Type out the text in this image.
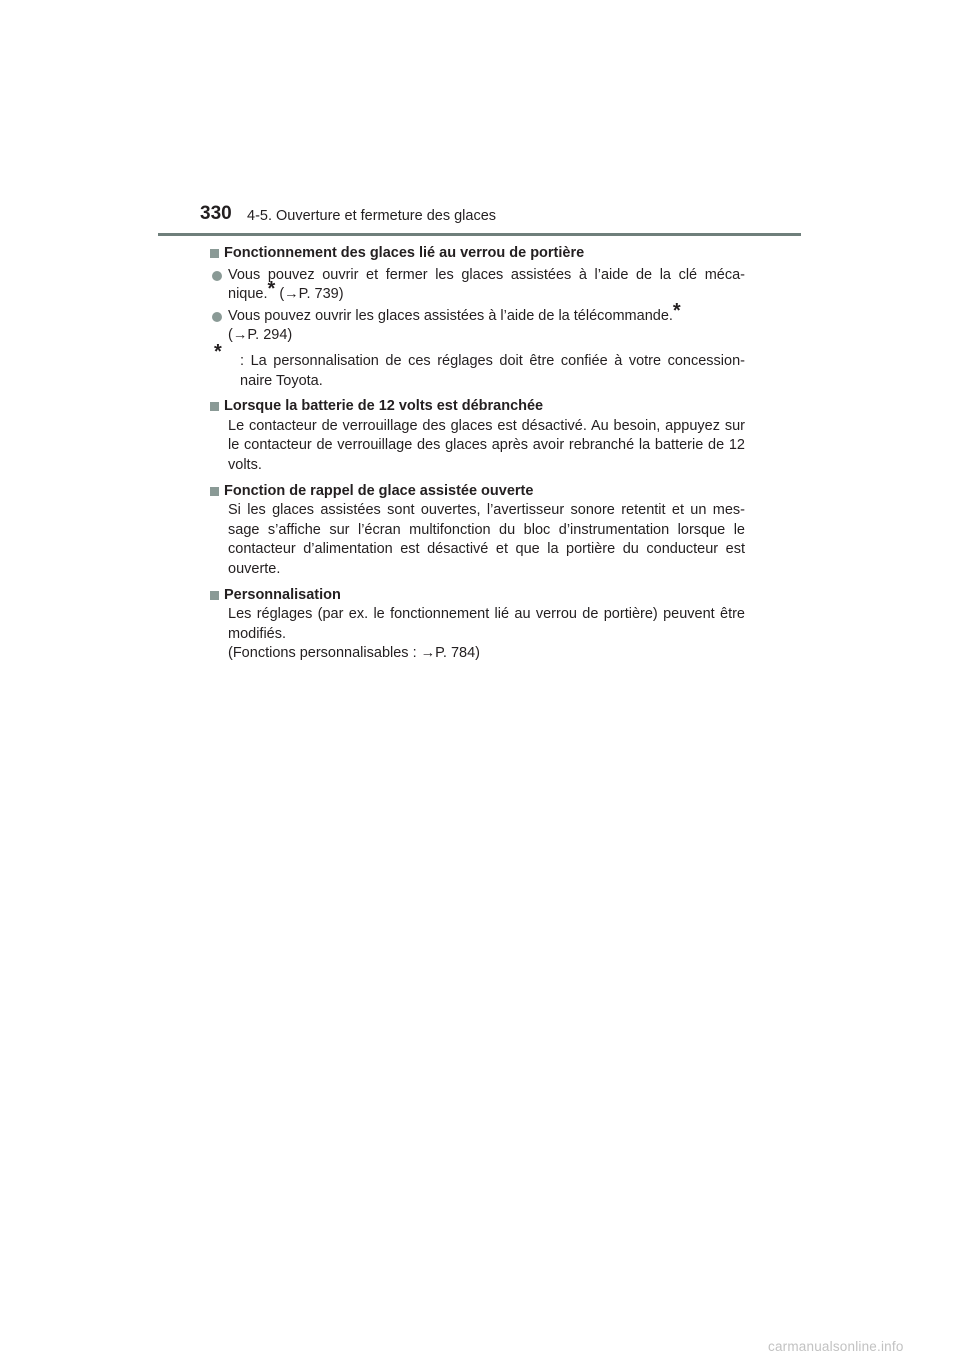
330 4-5. Ouverture et fermeture des glaces
Fonctionnement des glaces lié au verrou de portière
Vous pouvez ouvrir et fermer les glaces assistées à l’aide de la clé méca-nique.* (→P. 739)
Vous pouvez ouvrir les glaces assistées à l’aide de la télécommande.*
(→P. 294)
* : La personnalisation de ces réglages doit être confiée à votre concession-naire Toyota.
Lorsque la batterie de 12 volts est débranchée
Le contacteur de verrouillage des glaces est désactivé. Au besoin, appuyez sur le contacteur de verrouillage des glaces après avoir rebranché la batterie de 12 volts.
Fonction de rappel de glace assistée ouverte
Si les glaces assistées sont ouvertes, l’avertisseur sonore retentit et un mes-sage s’affiche sur l’écran multifonction du bloc d’instrumentation lorsque le contacteur d’alimentation est désactivé et que la portière du conducteur est ouverte.
Personnalisation
Les réglages (par ex. le fonctionnement lié au verrou de portière) peuvent être modifiés.
(Fonctions personnalisables : →P. 784)
carmanualsonline.info
